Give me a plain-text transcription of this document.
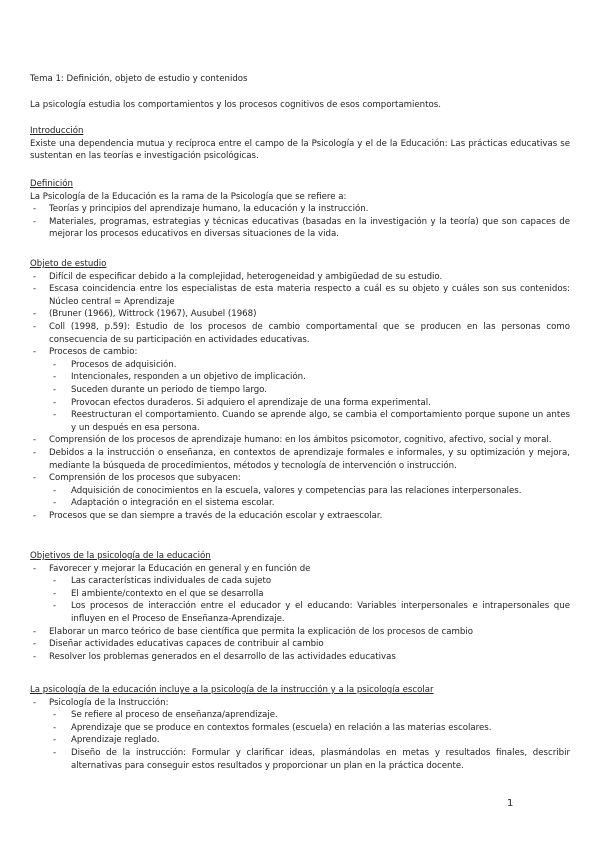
Tema 1: Definición, objeto de estudio y contenidos
La psicología estudia los comportamientos y los procesos cognitivos de esos comportamientos.
Introducción
Existe una dependencia mutua y recíproca entre el campo de la Psicología y el de la Educación: Las prácticas educativas se sustentan en las teorías e investigación psicológicas.
Definición
La Psicología de la Educación es la rama de la Psicología que se refiere a:
- Teorías y principios del aprendizaje humano, la educación y la instrucción.
- Materiales, programas, estrategias y técnicas educativas (basadas en la investigación y la teoría) que son capaces de mejorar los procesos educativos en diversas situaciones de la vida.
Objeto de estudio
- Difícil de especificar debido a la complejidad, heterogeneidad y ambigüedad de su estudio.
- Escasa coincidencia entre los especialistas de esta materia respecto a cuál es su objeto y cuáles son sus contenidos: Núcleo central = Aprendizaje
- (Bruner (1966), Wittrock (1967), Ausubel (1968)
- Coll (1998, p.59): Estudio de los procesos de cambio comportamental que se producen en las personas como consecuencia de su participación en actividades educativas.
- Procesos de cambio:
- Procesos de adquisición.
- Intencionales, responden a un objetivo de implicación.
- Suceden durante un periodo de tiempo largo.
- Provocan efectos duraderos. Si adquiero el aprendizaje de una forma experimental.
- Reestructuran el comportamiento. Cuando se aprende algo, se cambia el comportamiento porque supone un antes y un después en esa persona.
- Comprensión de los procesos de aprendizaje humano: en los ámbitos psicomotor, cognitivo, afectivo, social y moral.
- Debidos a la instrucción o enseñanza, en contextos de aprendizaje formales e informales, y su optimización y mejora, mediante la búsqueda de procedimientos, métodos y tecnología de intervención o instrucción.
- Comprensión de los procesos que subyacen:
- Adquisición de conocimientos en la escuela, valores y competencias para las relaciones interpersonales.
- Adaptación o integración en el sistema escolar.
- Procesos que se dan siempre a través de la educación escolar y extraescolar.
Objetivos de la psicología de la educación
- Favorecer y mejorar la Educación en general y en función de
- Las características individuales de cada sujeto
- El ambiente/contexto en el que se desarrolla
- Los procesos de interacción entre el educador y el educando: Variables interpersonales e intrapersonales que influyen en el Proceso de Enseñanza-Aprendizaje.
- Elaborar un marco teórico de base científica que permita la explicación de los procesos de cambio
- Diseñar actividades educativas capaces de contribuir al cambio
- Resolver los problemas generados en el desarrollo de las actividades educativas
La psicología de la educación incluye a la psicología de la instrucción y a la psicología escolar
- Psicología de la Instrucción:
- Se refiere al proceso de enseñanza/aprendizaje.
- Aprendizaje que se produce en contextos formales (escuela) en relación a las materias escolares.
- Aprendizaje reglado.
- Diseño de la instrucción: Formular y clarificar ideas, plasmándolas en metas y resultados finales, describir alternativas para conseguir estos resultados y proporcionar un plan en la práctica docente.
1
